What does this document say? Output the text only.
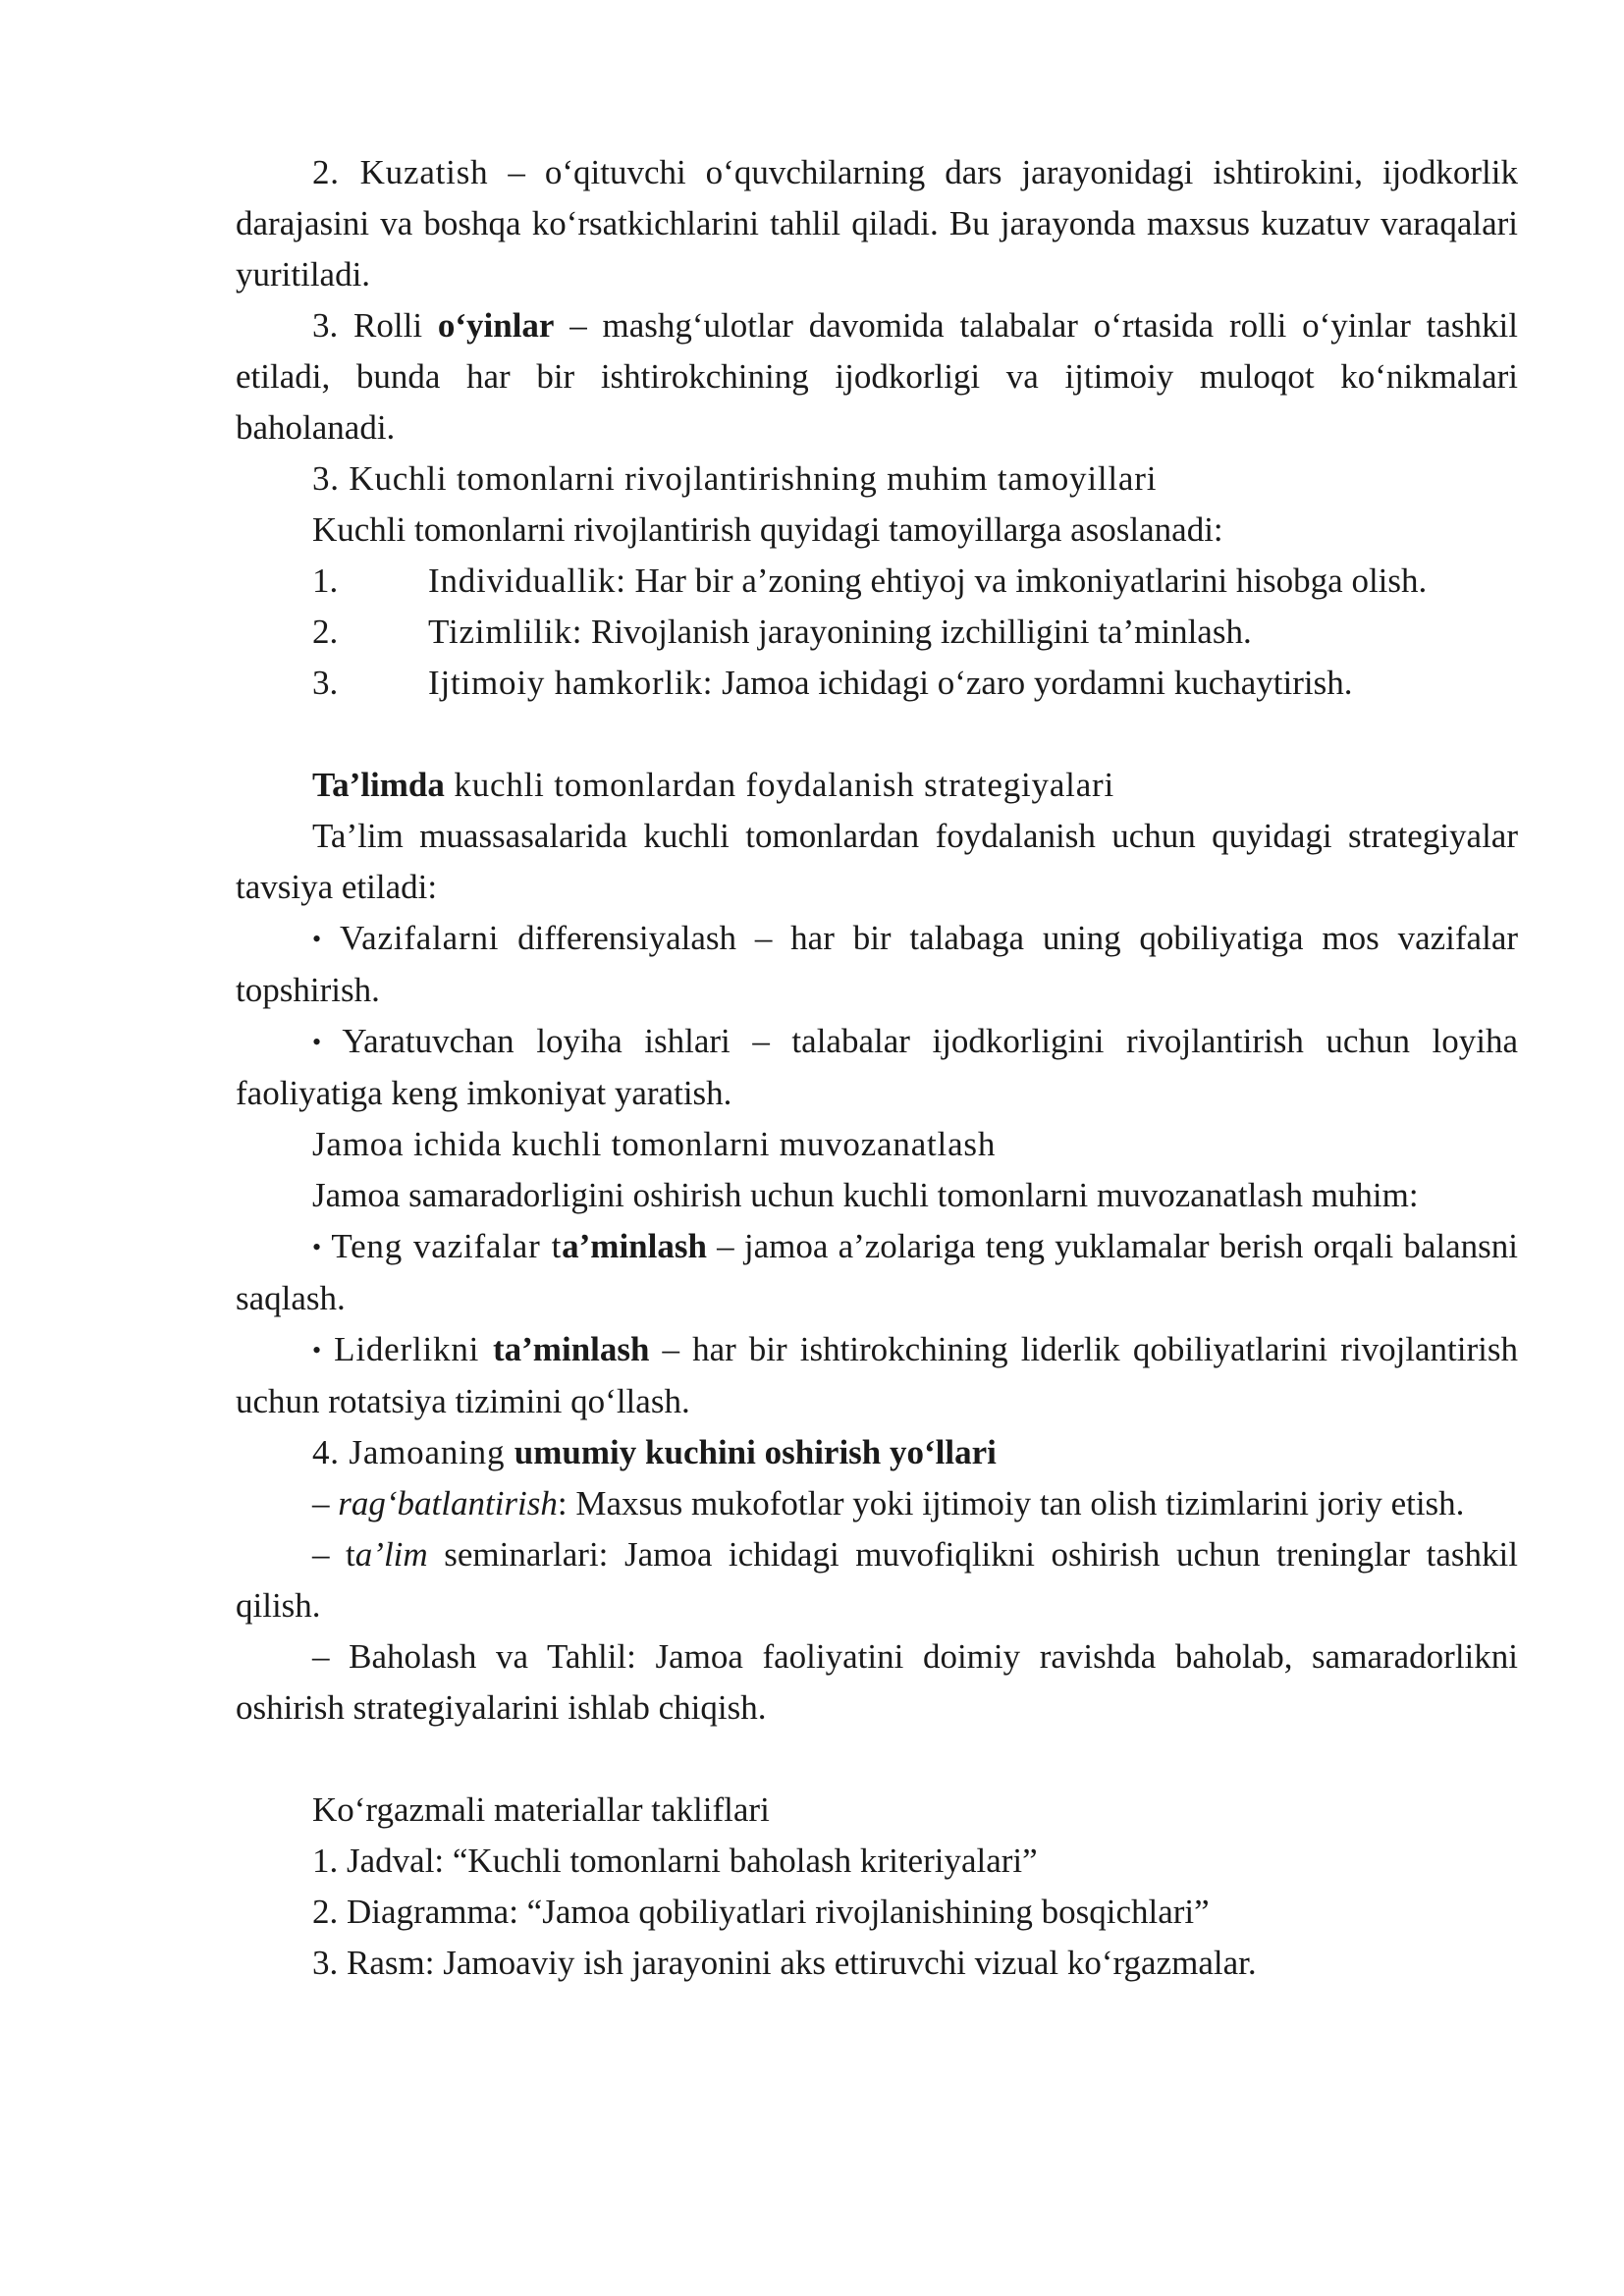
2. Kuzatish – o‘qituvchi o‘quvchilarning dars jarayonidagi ishtirokini, ijodkorlik darajasini va boshqa ko‘rsatkichlarini tahlil qiladi. Bu jarayonda maxsus kuzatuv varaqalari yuritiladi.

3. Rolli o‘yinlar – mashg‘ulotlar davomida talabalar o‘rtasida rolli o‘yinlar tashkil etiladi, bunda har bir ishtirokchining ijodkorligi va ijtimoiy muloqot ko‘nikmalari baholanadi.

3. Kuchli tomonlarni rivojlantirishning muhim tamoyillari

Kuchli tomonlarni rivojlantirish quyidagi tamoyillarga asoslanadi:

1.	Individuallik: Har bir a’zoning ehtiyoj va imkoniyatlarini hisobga olish.

2.	Tizimlilik: Rivojlanish jarayonining izchilligini ta’minlash.

3.	Ijtimoiy hamkorlik: Jamoa ichidagi o‘zaro yordamni kuchaytirish.

Ta’limda kuchli tomonlardan foydalanish strategiyalari

Ta’lim muassasalarida kuchli tomonlardan foydalanish uchun quyidagi strategiyalar tavsiya etiladi:

• Vazifalarni differensiyalash – har bir talabaga uning qobiliyatiga mos vazifalar topshirish.

• Yaratuvchan loyiha ishlari – talabalar ijodkorligini rivojlantirish uchun loyiha faoliyatiga keng imkoniyat yaratish.

Jamoa ichida kuchli tomonlarni muvozanatlash

Jamoa samaradorligini oshirish uchun kuchli tomonlarni muvozanatlash muhim:

• Teng vazifalar ta’minlash – jamoa a’zolariga teng yuklamalar berish orqali balansni saqlash.

• Liderlikni ta’minlash – har bir ishtirokchining liderlik qobiliyatlarini rivojlantirish uchun rotatsiya tizimini qo‘llash.

4. Jamoaning umumiy kuchini oshirish yo‘llari

– rag‘batlantirish: Maxsus mukofotlar yoki ijtimoiy tan olish tizimlarini joriy etish.

– ta’lim seminarlari: Jamoa ichidagi muvofiqlikni oshirish uchun treninglar tashkil qilish.

– Baholash va Tahlil: Jamoa faoliyatini doimiy ravishda baholab, samaradorlikni oshirish strategiyalarini ishlab chiqish.

Ko‘rgazmali materiallar takliflari

1. Jadval: “Kuchli tomonlarni baholash kriteriyalari”

2. Diagramma: “Jamoa qobiliyatlari rivojlanishining bosqichlari”

3. Rasm: Jamoaviy ish jarayonini aks ettiruvchi vizual ko‘rgazmalar.
